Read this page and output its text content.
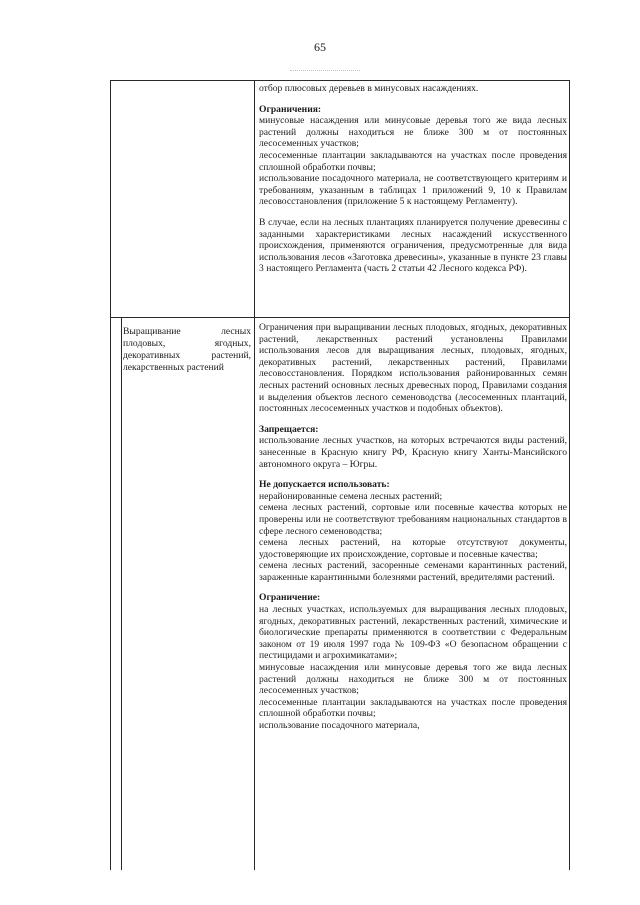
65

отбор плюсовых деревьев в минусовых насаждениях.

Ограничения:

минусовые насаждения или минусовые деревья того же вида лесных растений должны находиться не ближе 300 м от постоянных лесосеменных участков;

лесосеменные плантации закладываются на участках после проведения сплошной обработки почвы;

использование посадочного материала, не соответствующего критериям и требованиям, указанным в таблицах 1 приложений 9, 10 к Правилам лесовосстановления (приложение 5 к настоящему Регламенту).

В случае, если на лесных плантациях планируется получение древесины с заданными характеристиками лесных насаждений искусственного происхождения, применяются ограничения, предусмотренные для вида использования лесов «Заготовка древесины», указанные в пункте 23 главы 3 настоящего Регламента (часть 2 статьи 42 Лесного кодекса РФ).

Выращивание лесных плодовых, ягодных, декоративных растений, лекарственных растений

Ограничения при выращивании лесных плодовых, ягодных, декоративных растений, лекарственных растений установлены Правилами использования лесов для выращивания лесных, плодовых, ягодных, декоративных растений, лекарственных растений, Правилами лесовосстановления. Порядком использования районированных семян лесных растений основных лесных древесных пород, Правилами создания и выделения объектов лесного семеноводства (лесосеменных плантаций, постоянных лесосеменных участков и подобных объектов).

Запрещается:

использование лесных участков, на которых встречаются виды растений, занесенные в Красную книгу РФ, Красную книгу Ханты-Мансийского автономного округа – Югры.

Не допускается использовать:

нерайонированные семена лесных растений;

семена лесных растений, сортовые или посевные качества которых не проверены или не соответствуют требованиям национальных стандартов в сфере лесного семеноводства;

семена лесных растений, на которые отсутствуют документы, удостоверяющие их происхождение, сортовые и посевные качества;

семена лесных растений, засоренные семенами карантинных растений, зараженные карантинными болезнями растений, вредителями растений.

Ограничение:

на лесных участках, используемых для выращивания лесных плодовых, ягодных, декоративных растений, лекарственных растений, химические и биологические препараты применяются в соответствии с Федеральным законом от 19 июля 1997 года № 109-ФЗ «О безопасном обращении с пестицидами и агрохимикатами»;

минусовые насаждения или минусовые деревья того же вида лесных растений должны находиться не ближе 300 м от постоянных лесосеменных участков;

лесосеменные плантации закладываются на участках после проведения сплошной обработки почвы;

использование посадочного материала,
